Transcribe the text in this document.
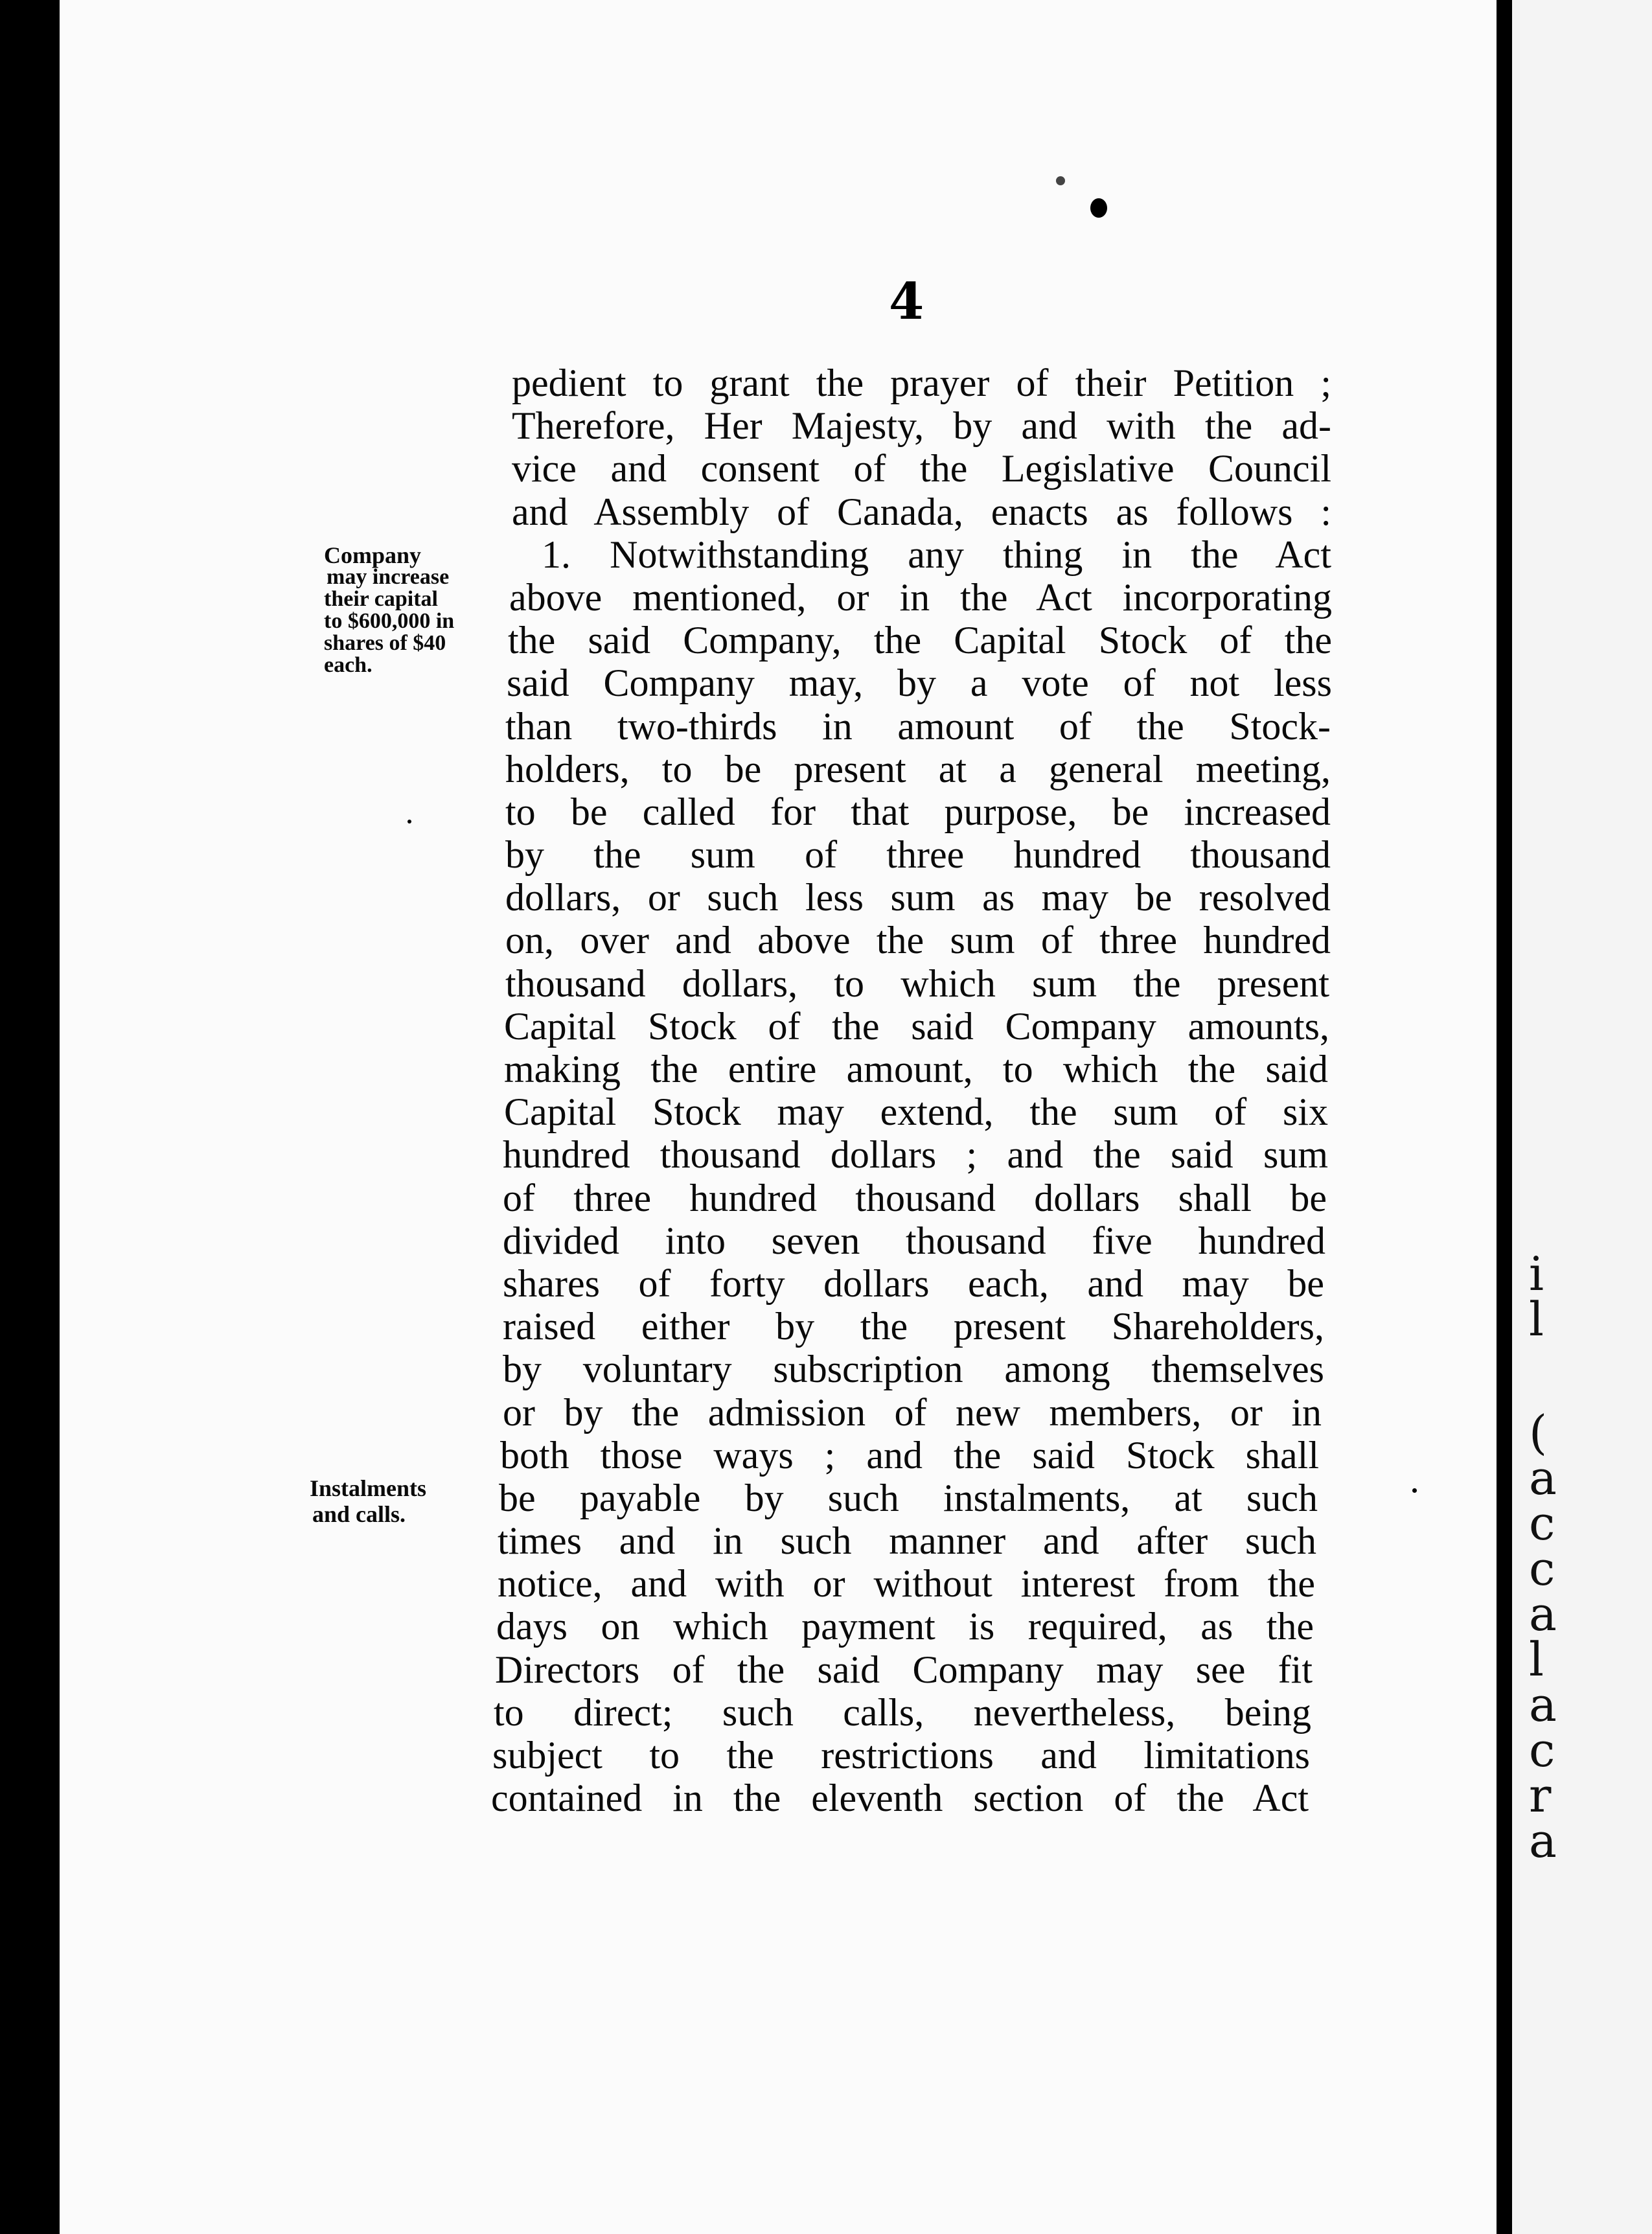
i
l
(
a
c
c
a
l
a
c
r
a
4
Company
may increase
their capital
to $600,000 in
shares of $40
each.
Instalments
and calls.
pedient to grant the prayer of their Petition ;
Therefore, Her Majesty, by and with the ad-
vice and consent of the Legislative Council
and Assembly of Canada, enacts as follows :
1. Notwithstanding any thing in the Act
above mentioned, or in the Act incorporating
the said Company, the Capital Stock of the
said Company may, by a vote of not less
than two-thirds in amount of the Stock-
holders, to be present at a general meeting,
to be called for that purpose, be increased
by the sum of three hundred thousand
dollars, or such less sum as may be resolved
on, over and above the sum of three hundred
thousand dollars, to which sum the present
Capital Stock of the said Company amounts,
making the entire amount, to which the said
Capital Stock may extend, the sum of six
hundred thousand dollars ; and the said sum
of three hundred thousand dollars shall be
divided into seven thousand five hundred
shares of forty dollars each, and may be
raised either by the present Shareholders,
by voluntary subscription among themselves
or by the admission of new members, or in
both those ways ; and the said Stock shall
be payable by such instalments, at such
times and in such manner and after such
notice, and with or without interest from the
days on which payment is required, as the
Directors of the said Company may see fit
to direct; such calls, nevertheless, being
subject to the restrictions and limitations
contained in the eleventh section of the Act
